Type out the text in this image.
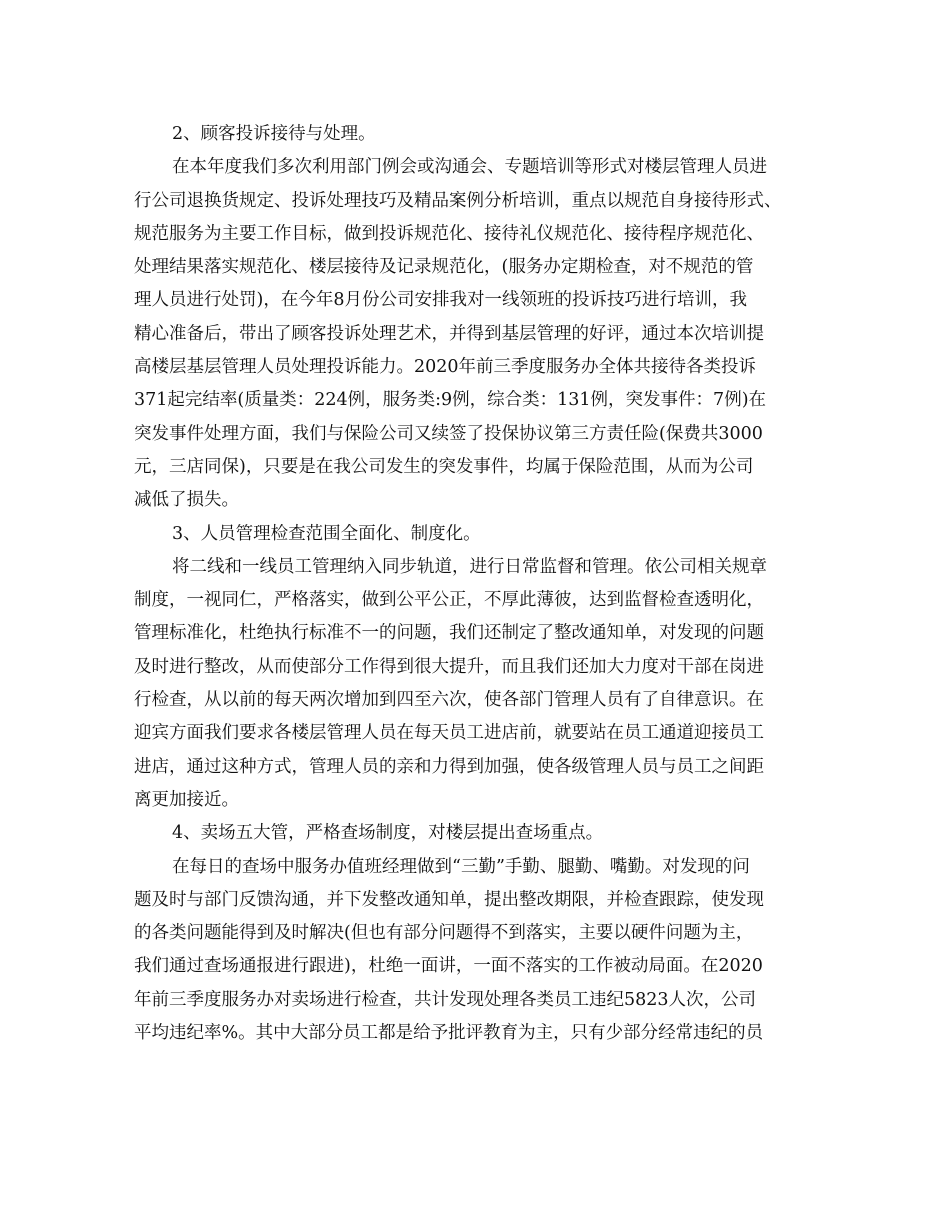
2、顾客投诉接待与处理。
在本年度我们多次利用部门例会或沟通会、专题培训等形式对楼层管理人员进
行公司退换货规定、投诉处理技巧及精品案例分析培训，重点以规范自身接待形式、
规范服务为主要工作目标，做到投诉规范化、接待礼仪规范化、接待程序规范化、
处理结果落实规范化、楼层接待及记录规范化，(服务办定期检查，对不规范的管
理人员进行处罚)，在今年8月份公司安排我对一线领班的投诉技巧进行培训，我
精心准备后，带出了顾客投诉处理艺术，并得到基层管理的好评，通过本次培训提
高楼层基层管理人员处理投诉能力。2020年前三季度服务办全体共接待各类投诉
371起完结率(质量类：224例，服务类:9例，综合类：131例，突发事件：7例)在
突发事件处理方面，我们与保险公司又续签了投保协议第三方责任险(保费共3000
元，三店同保)，只要是在我公司发生的突发事件，均属于保险范围，从而为公司
减低了损失。
3、人员管理检查范围全面化、制度化。
将二线和一线员工管理纳入同步轨道，进行日常监督和管理。依公司相关规章
制度，一视同仁，严格落实，做到公平公正，不厚此薄彼，达到监督检查透明化，
管理标准化，杜绝执行标准不一的问题，我们还制定了整改通知单，对发现的问题
及时进行整改，从而使部分工作得到很大提升，而且我们还加大力度对干部在岗进
行检查，从以前的每天两次增加到四至六次，使各部门管理人员有了自律意识。在
迎宾方面我们要求各楼层管理人员在每天员工进店前，就要站在员工通道迎接员工
进店，通过这种方式，管理人员的亲和力得到加强，使各级管理人员与员工之间距
离更加接近。
4、卖场五大管，严格查场制度，对楼层提出查场重点。
在每日的查场中服务办值班经理做到“三勤”手勤、腿勤、嘴勤。对发现的问
题及时与部门反馈沟通，并下发整改通知单，提出整改期限，并检查跟踪，使发现
的各类问题能得到及时解决(但也有部分问题得不到落实，主要以硬件问题为主，
我们通过查场通报进行跟进)，杜绝一面讲，一面不落实的工作被动局面。在2020
年前三季度服务办对卖场进行检查，共计发现处理各类员工违纪5823人次，公司
平均违纪率%。其中大部分员工都是给予批评教育为主，只有少部分经常违纪的员
